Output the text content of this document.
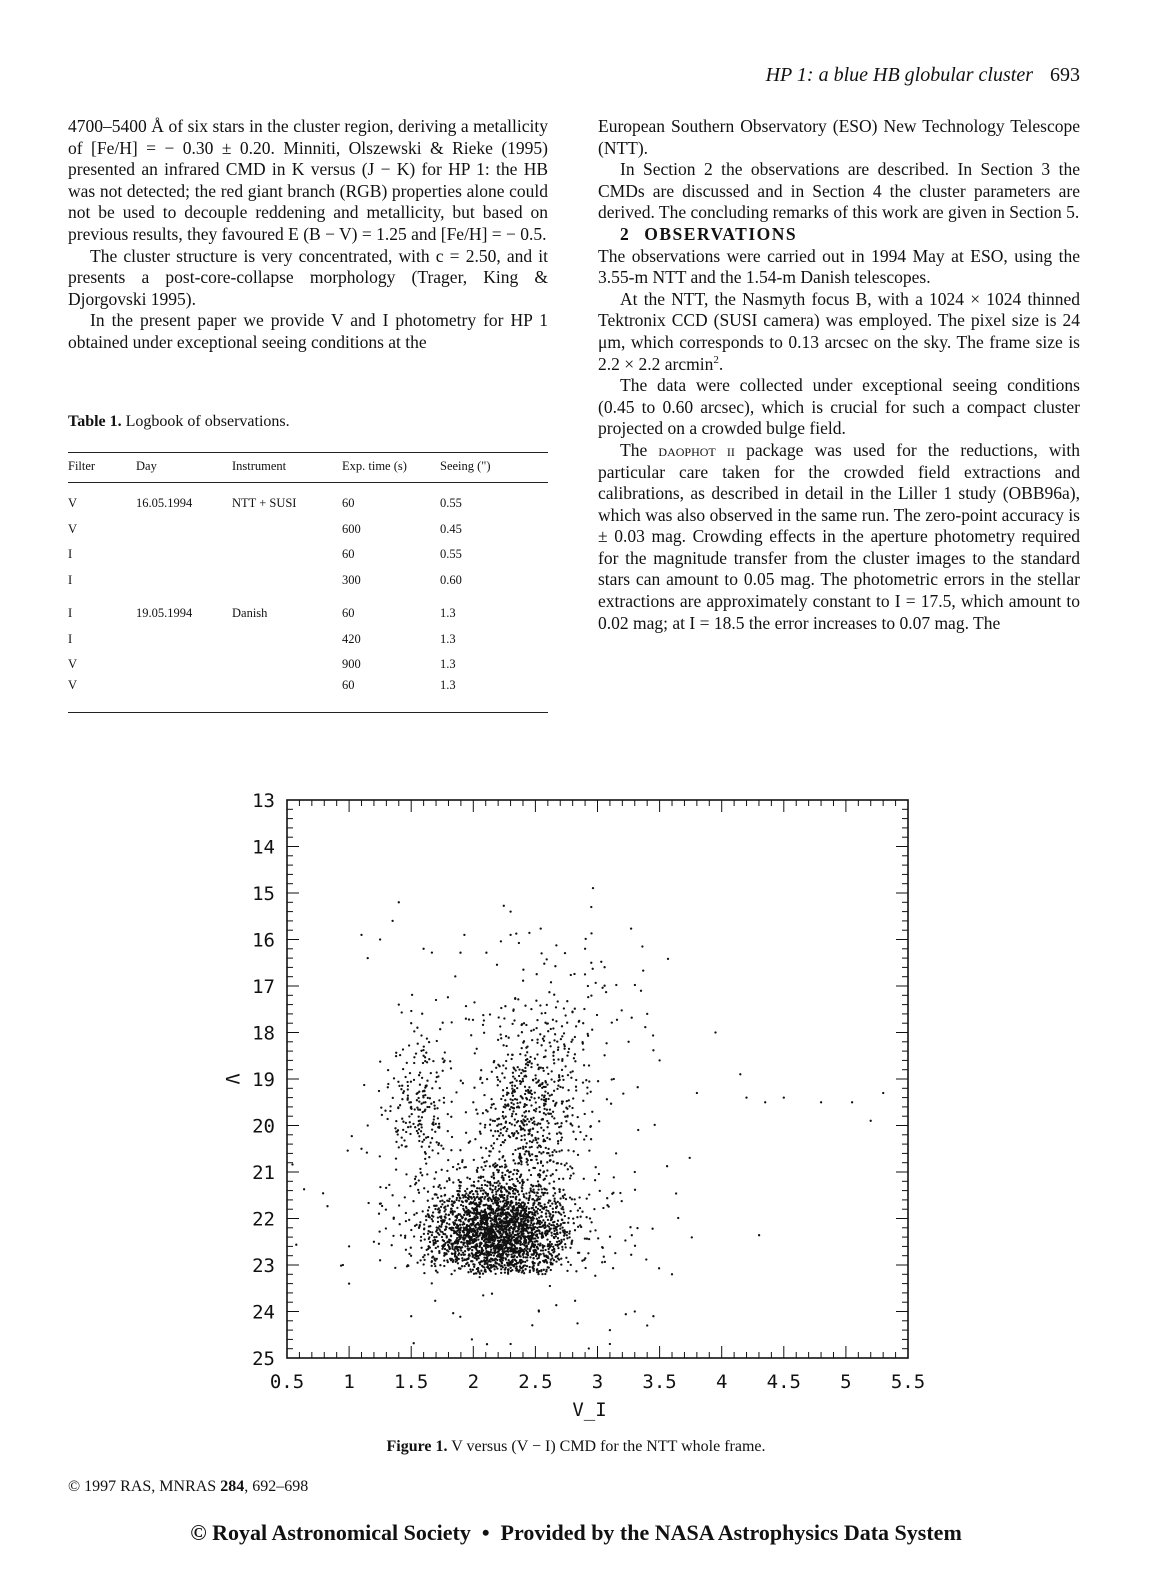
HP 1: a blue HB globular cluster 693

4700–5400 Å of six stars in the cluster region, deriving a metallicity of [Fe/H] = − 0.30 ± 0.20. Minniti, Olszewski & Rieke (1995) presented an infrared CMD in K versus (J − K) for HP 1: the HB was not detected; the red giant branch (RGB) properties alone could not be used to decouple reddening and metallicity, but based on previous results, they favoured E (B − V) = 1.25 and [Fe/H] = − 0.5.

The cluster structure is very concentrated, with c = 2.50, and it presents a post-core-collapse morphology (Trager, King & Djorgovski 1995).

In the present paper we provide V and I photometry for HP 1 obtained under exceptional seeing conditions at the

Table 1. Logbook of observations.
Filter	Day	Instrument	Exp. time (s)	Seeing (")

V	16.05.1994	NTT + SUSI	60	0.55
V			600	0.45
I			60	0.55
I			300	0.60

I	19.05.1994	Danish	60	1.3
I			420	1.3
V			900	1.3
V			60	1.3

European Southern Observatory (ESO) New Technology Telescope (NTT).

In Section 2 the observations are described. In Section 3 the CMDs are discussed and in Section 4 the cluster parameters are derived. The concluding remarks of this work are given in Section 5.

2 OBSERVATIONS

The observations were carried out in 1994 May at ESO, using the 3.55-m NTT and the 1.54-m Danish telescopes.

At the NTT, the Nasmyth focus B, with a 1024 × 1024 thinned Tektronix CCD (SUSI camera) was employed. The pixel size is 24 μm, which corresponds to 0.13 arcsec on the sky. The frame size is 2.2 × 2.2 arcmin$^2$.

The data were collected under exceptional seeing conditions (0.45 to 0.60 arcsec), which is crucial for such a compact cluster projected on a crowded bulge field.

The daophot ii package was used for the reductions, with particular care taken for the crowded field extractions and calibrations, as described in detail in the Liller 1 study (OBB96a), which was also observed in the same run. The zero-point accuracy is ± 0.03 mag. Crowding effects in the aperture photometry required for the magnitude transfer from the cluster images to the standard stars can amount to 0.05 mag. The photometric errors in the stellar extractions are approximately constant to I = 17.5, which amount to 0.02 mag; at I = 18.5 the error increases to 0.07 mag. The

0.5 1 1.5 2 2.5 3 3.5 4 4.5 5 5.5
13
14
15
16
17
18
19
20
21
22
23
24
25
V_I
V
Figure 1. V versus (V − I) CMD for the NTT whole frame.
© 1997 RAS, MNRAS 284, 692–698
© Royal Astronomical Society  •  Provided by the NASA Astrophysics Data System
